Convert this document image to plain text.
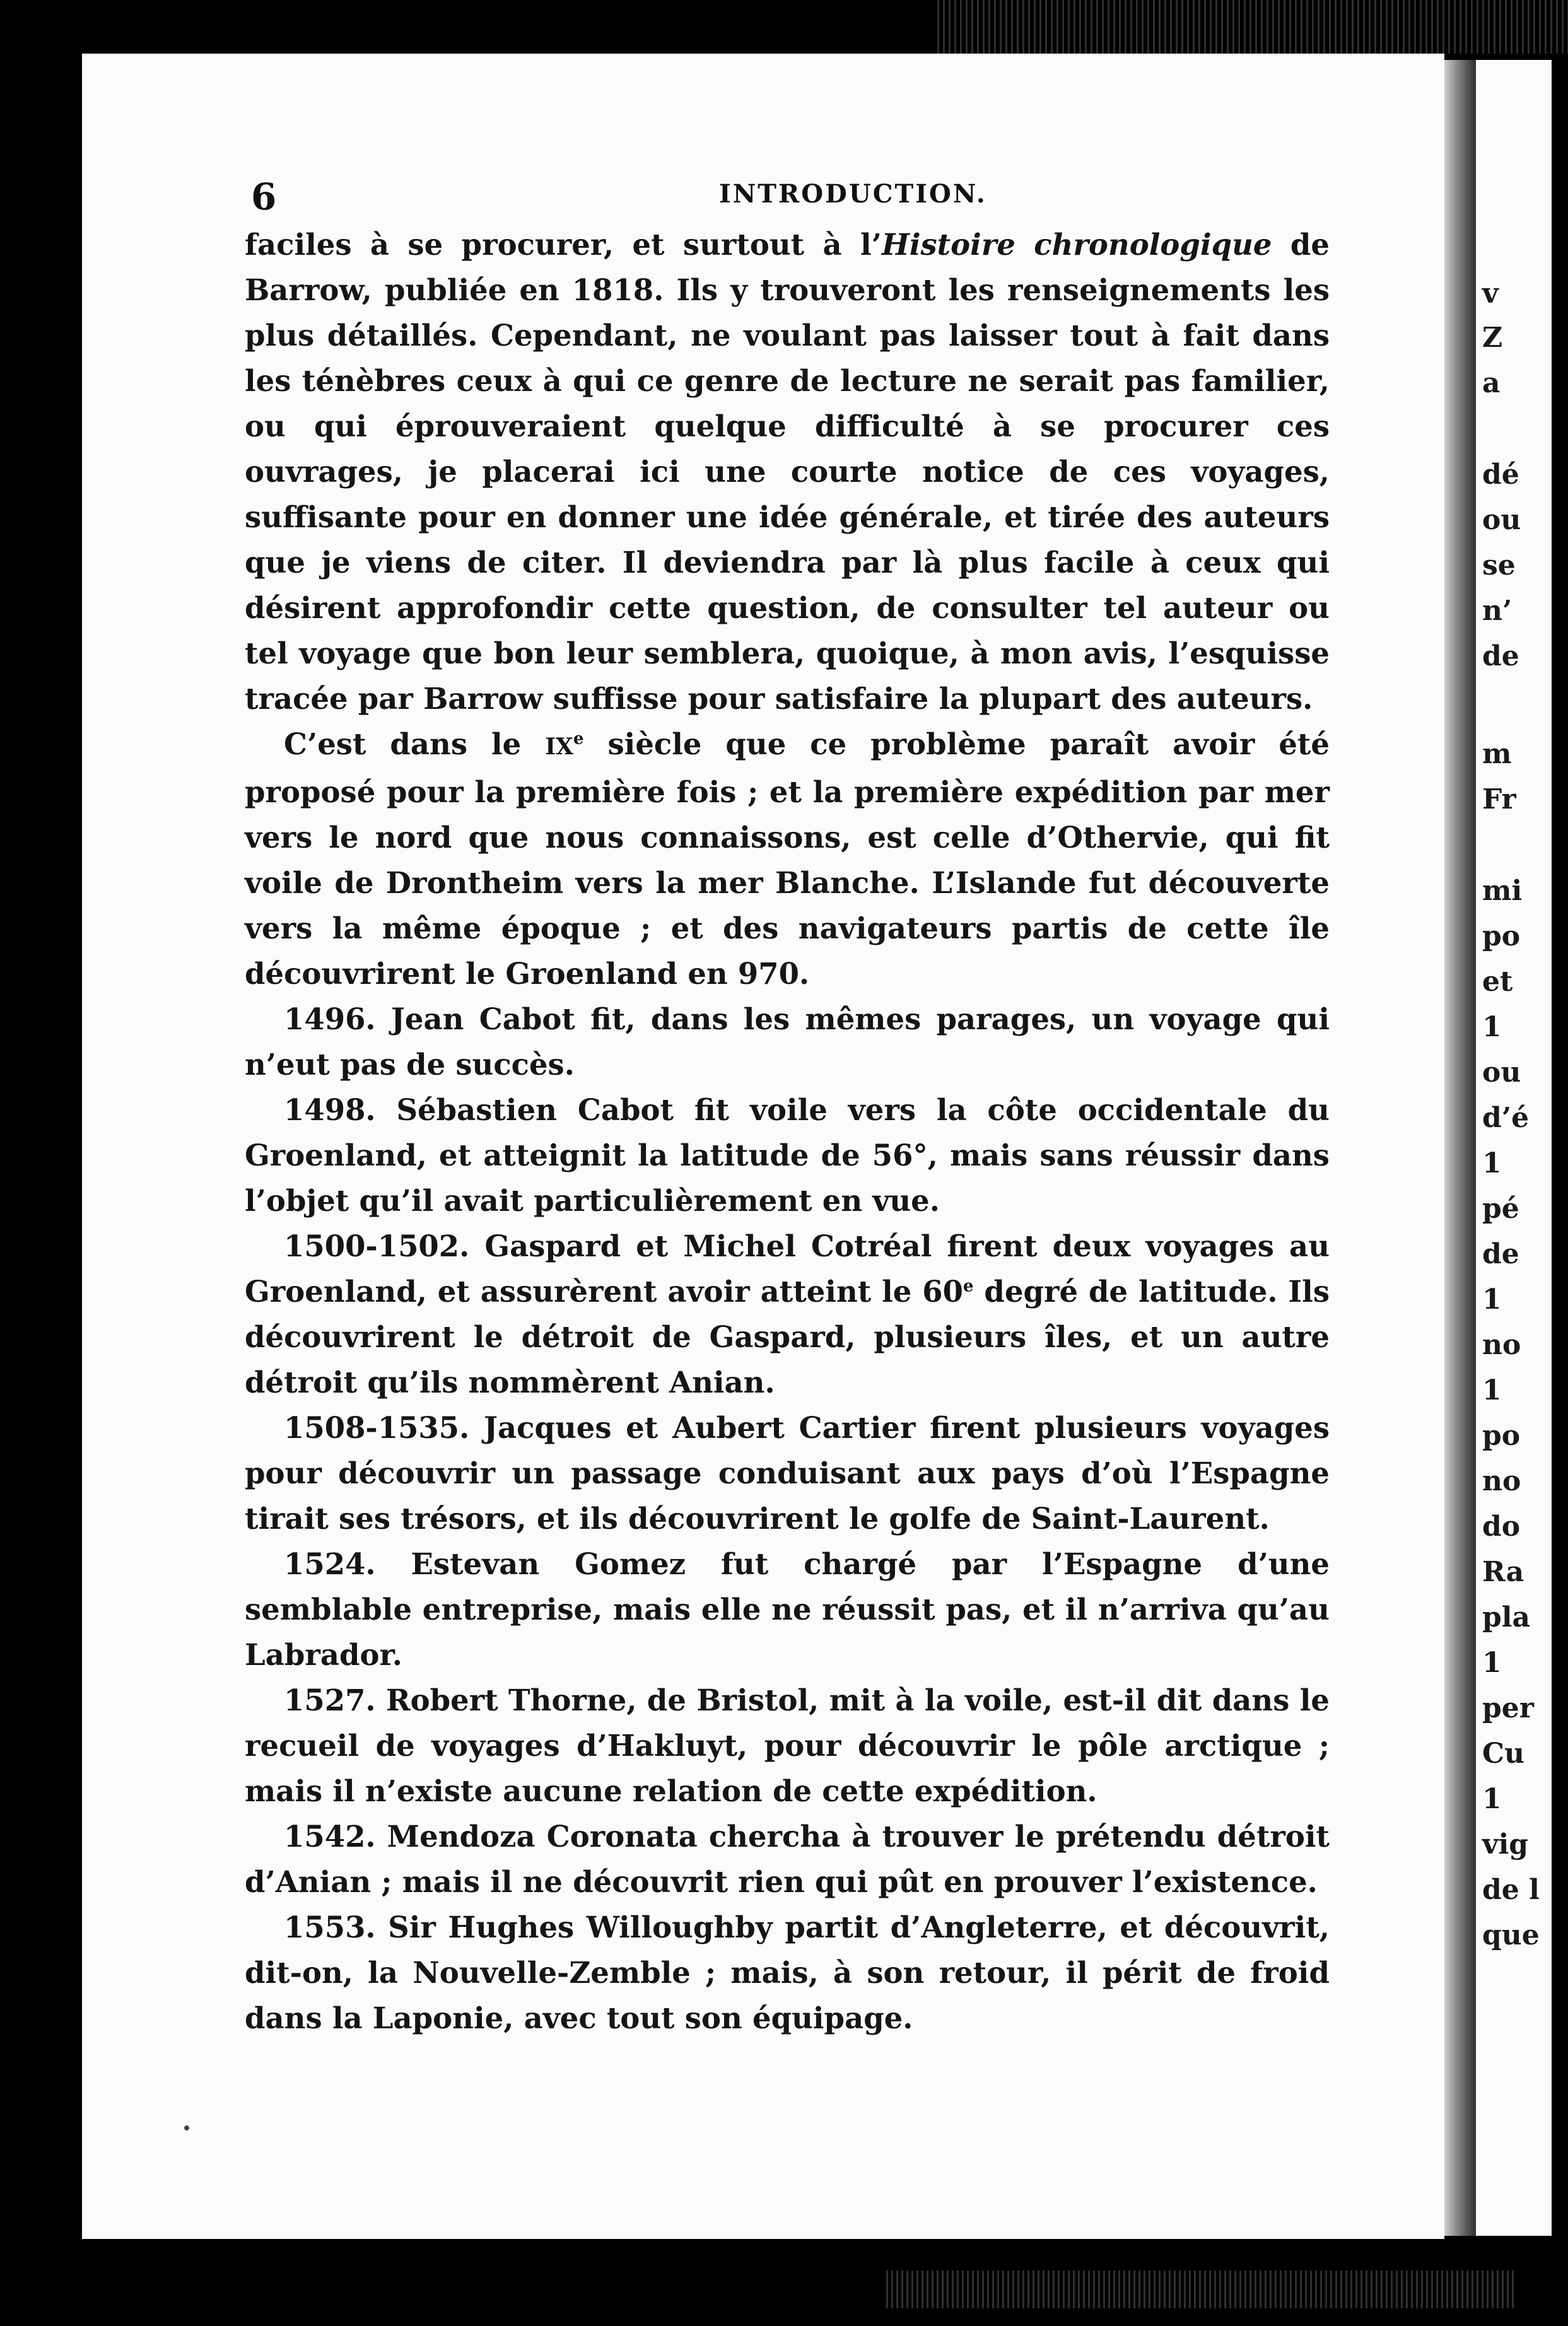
v
Z
a
dé
ou
se
n’
de
m
Fr
mi
po
et
1
ou
d’é
1
pé
de
1
no
1
po
no
do
Ra
pla
1
per
Cu
1
vig
de l
que
6	INTRODUCTION.

faciles à se procurer, et surtout à l’Histoire chronologique de Barrow, publiée en 1818. Ils y trouveront les renseignements les plus détaillés. Cependant, ne voulant pas laisser tout à fait dans les ténèbres ceux à qui ce genre de lecture ne serait pas familier, ou qui éprouveraient quelque difficulté à se procurer ces ouvrages, je placerai ici une courte notice de ces voyages, suffisante pour en donner une idée générale, et tirée des auteurs que je viens de citer. Il deviendra par là plus facile à ceux qui désirent approfondir cette question, de consulter tel auteur ou tel voyage que bon leur semblera, quoique, à mon avis, l’esquisse tracée par Barrow suffisse pour satisfaire la plupart des auteurs.

C’est dans le IXe siècle que ce problème paraît avoir été proposé pour la première fois ; et la première expédition par mer vers le nord que nous connaissons, est celle d’Othervie, qui fit voile de Drontheim vers la mer Blanche. L’Islande fut découverte vers la même époque ; et des navigateurs partis de cette île découvrirent le Groenland en 970.

1496. Jean Cabot fit, dans les mêmes parages, un voyage qui n’eut pas de succès.

1498. Sébastien Cabot fit voile vers la côte occidentale du Groenland, et atteignit la latitude de 56°, mais sans réussir dans l’objet qu’il avait particulièrement en vue.

1500-1502. Gaspard et Michel Cotréal firent deux voyages au Groenland, et assurèrent avoir atteint le 60e degré de latitude. Ils découvrirent le détroit de Gaspard, plusieurs îles, et un autre détroit qu’ils nommèrent Anian.

1508-1535. Jacques et Aubert Cartier firent plusieurs voyages pour découvrir un passage conduisant aux pays d’où l’Espagne tirait ses trésors, et ils découvrirent le golfe de Saint-Laurent.

1524. Estevan Gomez fut chargé par l’Espagne d’une semblable entreprise, mais elle ne réussit pas, et il n’arriva qu’au Labrador.

1527. Robert Thorne, de Bristol, mit à la voile, est-il dit dans le recueil de voyages d’Hakluyt, pour découvrir le pôle arctique ; mais il n’existe aucune relation de cette expédition.

1542. Mendoza Coronata chercha à trouver le prétendu détroit d’Anian ; mais il ne découvrit rien qui pût en prouver l’existence.

1553. Sir Hughes Willoughby partit d’Angleterre, et découvrit, dit-on, la Nouvelle-Zemble ; mais, à son retour, il périt de froid dans la Laponie, avec tout son équipage.
